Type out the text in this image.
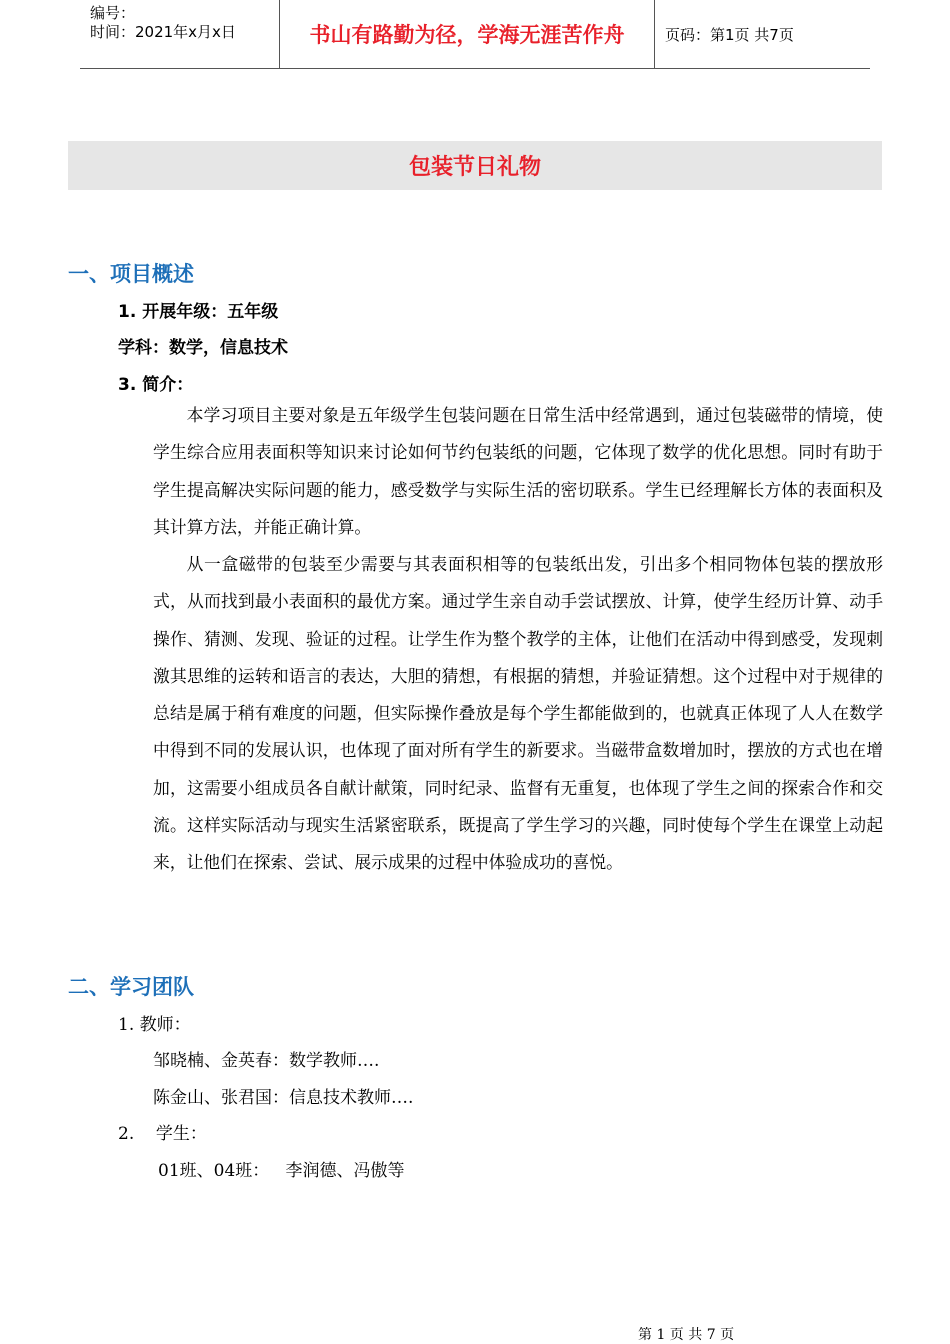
编号：
时间：2021年x月x日	书山有路勤为径，学海无涯苦作舟	页码：第1页 共7页
包装节日礼物
一、项目概述
1. 开展年级：五年级
学科：数学，信息技术
3. 简介：

本学习项目主要对象是五年级学生包装问题在日常生活中经常遇到，通过包装磁带的情境，使学生综合应用表面积等知识来讨论如何节约包装纸的问题，它体现了数学的优化思想。同时有助于学生提高解决实际问题的能力，感受数学与实际生活的密切联系。学生已经理解长方体的表面积及其计算方法，并能正确计算。

从一盒磁带的包装至少需要与其表面积相等的包装纸出发，引出多个相同物体包装的摆放形式，从而找到最小表面积的最优方案。通过学生亲自动手尝试摆放、计算，使学生经历计算、动手操作、猜测、发现、验证的过程。让学生作为整个教学的主体，让他们在活动中得到感受，发现刺激其思维的运转和语言的表达，大胆的猜想，有根据的猜想，并验证猜想。这个过程中对于规律的总结是属于稍有难度的问题，但实际操作叠放是每个学生都能做到的，也就真正体现了人人在数学中得到不同的发展认识，也体现了面对所有学生的新要求。当磁带盒数增加时，摆放的方式也在增加，这需要小组成员各自献计献策，同时纪录、监督有无重复，也体现了学生之间的探索合作和交流。这样实际活动与现实生活紧密联系，既提高了学生学习的兴趣，同时使每个学生在课堂上动起来，让他们在探索、尝试、展示成果的过程中体验成功的喜悦。

二、学习团队
1. 教师：
邹晓楠、金英春：数学教师….
陈金山、张君国：信息技术教师….
2.    学生：
01班、04班：   李润德、冯傲等
第 1 页 共 7 页
